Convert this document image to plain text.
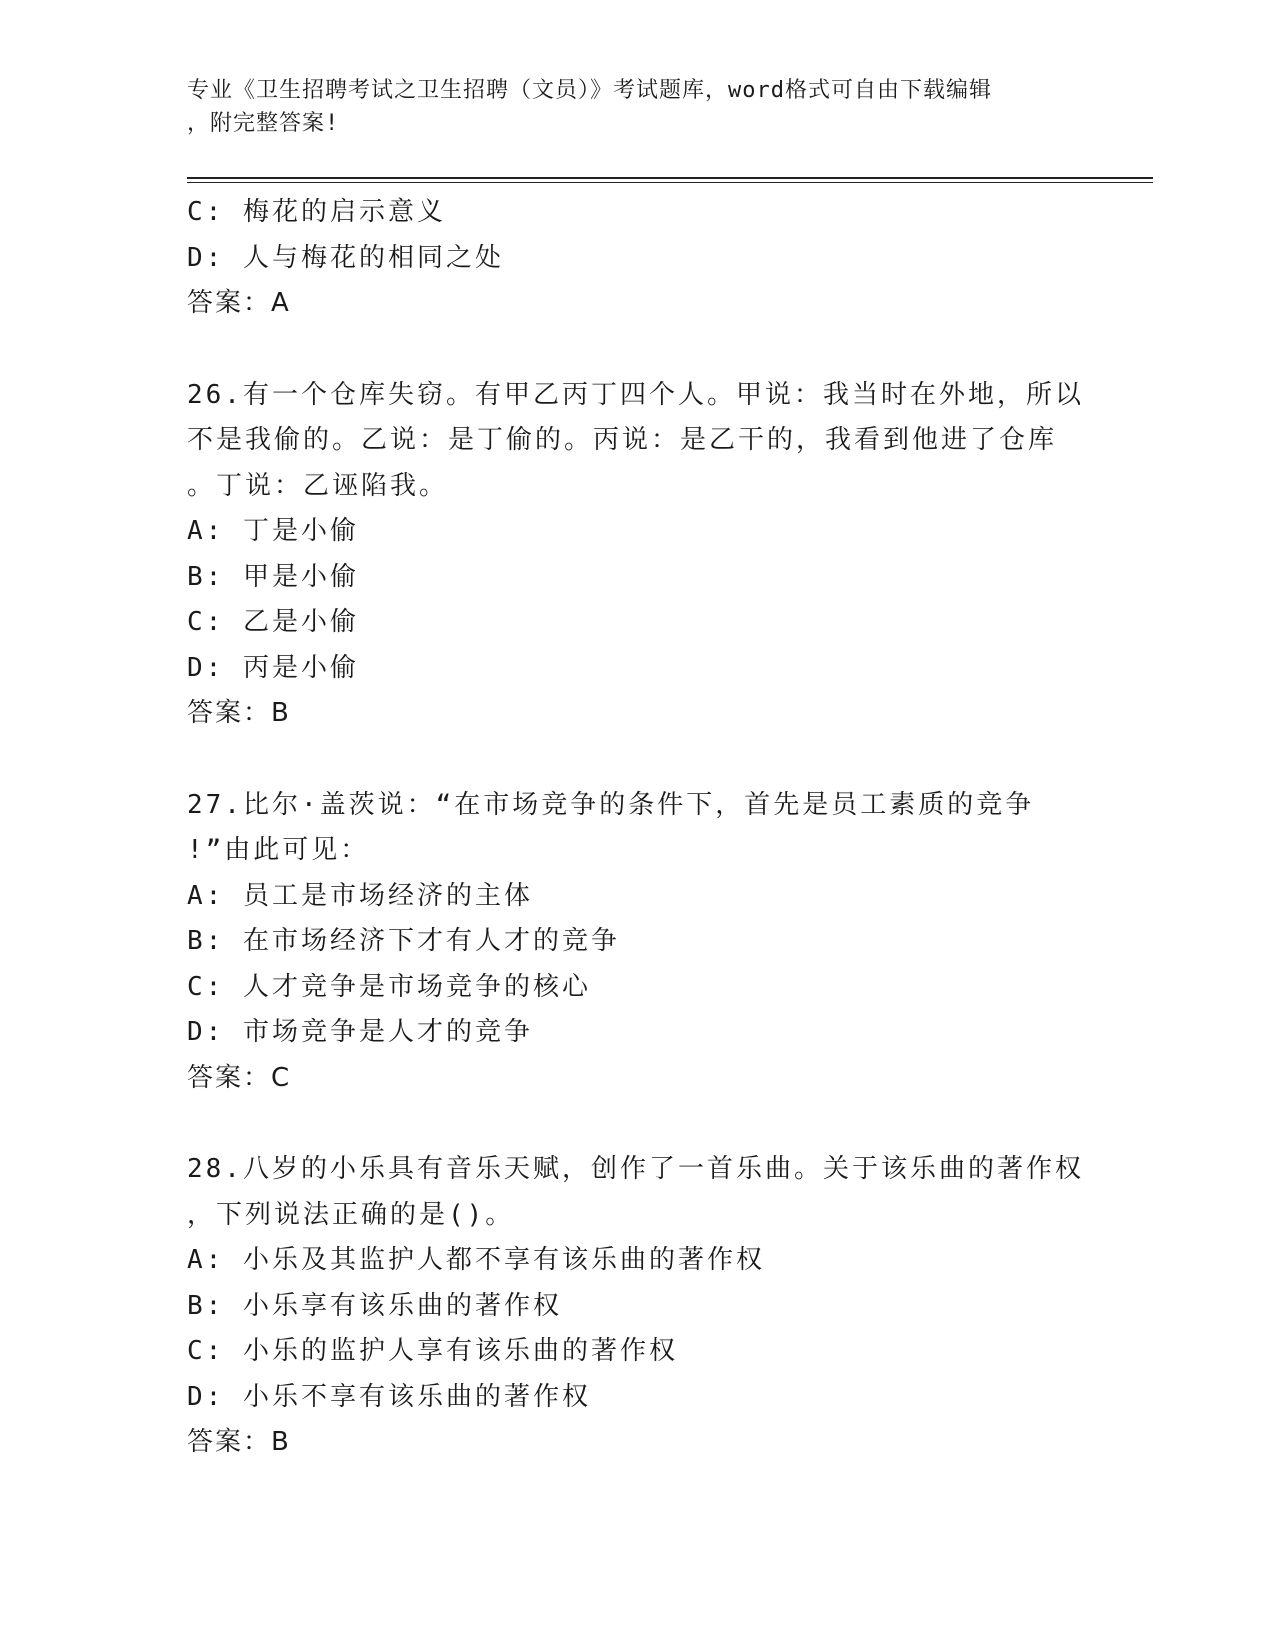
专业《卫生招聘考试之卫生招聘（文员）》考试题库，word格式可自由下载编辑
，附完整答案!
C: 梅花的启示意义
D: 人与梅花的相同之处
答案：A
26.有一个仓库失窃。有甲乙丙丁四个人。甲说：我当时在外地，所以
不是我偷的。乙说：是丁偷的。丙说：是乙干的，我看到他进了仓库
。丁说：乙诬陷我。
A: 丁是小偷
B: 甲是小偷
C: 乙是小偷
D: 丙是小偷
答案：B
27.比尔·盖茨说：“在市场竞争的条件下，首先是员工素质的竞争
!”由此可见：
A: 员工是市场经济的主体
B: 在市场经济下才有人才的竞争
C: 人才竞争是市场竞争的核心
D: 市场竞争是人才的竞争
答案：C
28.八岁的小乐具有音乐天赋，创作了一首乐曲。关于该乐曲的著作权
，下列说法正确的是()。
A: 小乐及其监护人都不享有该乐曲的著作权
B: 小乐享有该乐曲的著作权
C: 小乐的监护人享有该乐曲的著作权
D: 小乐不享有该乐曲的著作权
答案：B
